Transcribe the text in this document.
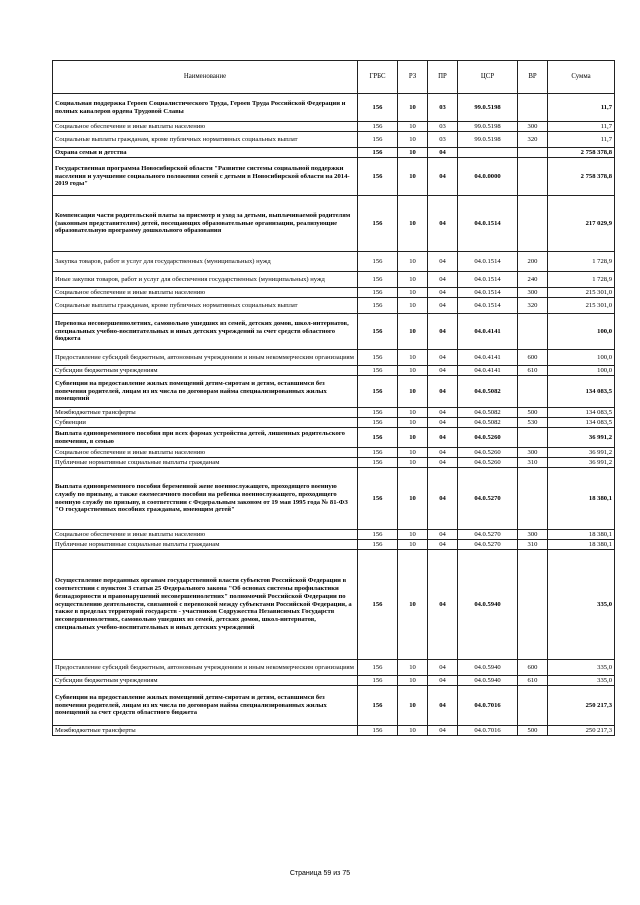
Наименование	ГРБС	РЗ	ПР	ЦСР	ВР	Сумма
Социальная поддержка Героев Социалистического Труда, Героев Труда Российской Федерации и полных кавалеров ордена Трудовой Славы	156	10	03	99.0.5198		11,7
Социальное обеспечение и иные выплаты населению	156	10	03	99.0.5198	300	11,7
Социальные выплаты гражданам, кроме публичных нормативных социальных выплат	156	10	03	99.0.5198	320	11,7
Охрана семьи и детства	156	10	04			2 758 378,8
Государственная программа Новосибирской области "Развитие системы социальной поддержки населения и улучшение социального положения семей с детьми в Новосибирской области на 2014-2019 годы"	156	10	04	04.0.0000		2 758 378,8
Компенсация части родительской платы за присмотр и уход за детьми, выплачиваемой родителям (законным представителям) детей, посещающих образовательные организации, реализующие образовательную программу дошкольного образования	156	10	04	04.0.1514		217 029,9
Закупка товаров, работ и услуг для государственных (муниципальных) нужд	156	10	04	04.0.1514	200	1 728,9
Иные закупки товаров, работ и услуг для обеспечения государственных (муниципальных) нужд	156	10	04	04.0.1514	240	1 728,9
Социальное обеспечение и иные выплаты населению	156	10	04	04.0.1514	300	215 301,0
Социальные выплаты гражданам, кроме публичных нормативных социальных выплат	156	10	04	04.0.1514	320	215 301,0
Перевозка несовершеннолетних, самовольно ушедших из семей, детских домов, школ-интернатов, специальных учебно-воспитательных и иных детских учреждений за счет средств областного бюджета	156	10	04	04.0.4141		100,0
Предоставление субсидий бюджетным, автономным учреждениям и иным некоммерческим организациям	156	10	04	04.0.4141	600	100,0
Субсидии бюджетным учреждениям	156	10	04	04.0.4141	610	100,0
Субвенции на предоставление жилых помещений детям-сиротам и детям, оставшимся без попечения родителей, лицам из их числа по договорам найма специализированных жилых помещений	156	10	04	04.0.5082		134 083,5
Межбюджетные трансферты	156	10	04	04.0.5082	500	134 083,5
Субвенции	156	10	04	04.0.5082	530	134 083,5
Выплата единовременного пособия при всех формах устройства детей, лишенных родительского попечения, в семью	156	10	04	04.0.5260		36 991,2
Социальное обеспечение и иные выплаты населению	156	10	04	04.0.5260	300	36 991,2
Публичные нормативные социальные выплаты гражданам	156	10	04	04.0.5260	310	36 991,2
Выплата единовременного пособия беременной жене военнослужащего, проходящего военную службу по призыву, а также ежемесячного пособия на ребенка военнослужащего, проходящего военную службу по призыву, в соответствии с Федеральным законом от 19 мая 1995 года № 81-ФЗ "О государственных пособиях гражданам, имеющим детей"	156	10	04	04.0.5270		18 380,1
Социальное обеспечение и иные выплаты населению	156	10	04	04.0.5270	300	18 380,1
Публичные нормативные социальные выплаты гражданам	156	10	04	04.0.5270	310	18 380,1
Осуществление переданных органам государственной власти субъектов Российской Федерации в соответствии с пунктом 3 статьи 25 Федерального закона "Об основах системы профилактики безнадзорности и правонарушений несовершеннолетних" полномочий Российской Федерации по осуществлению деятельности, связанной с перевозкой между субъектами Российской Федерации, а также в пределах территорий государств - участников Содружества Независимых Государств несовершеннолетних, самовольно ушедших из семей, детских домов, школ-интернатов, специальных учебно-воспитательных и иных детских учреждений	156	10	04	04.0.5940		335,0
Предоставление субсидий бюджетным, автономным учреждениям и иным некоммерческим организациям	156	10	04	04.0.5940	600	335,0
Субсидии бюджетным учреждениям	156	10	04	04.0.5940	610	335,0
Субвенции на предоставление жилых помещений детям-сиротам и детям, оставшимся без попечения родителей, лицам из их числа по договорам найма специализированных жилых помещений за счет средств областного бюджета	156	10	04	04.0.7016		250 217,3
Межбюджетные трансферты	156	10	04	04.0.7016	500	250 217,3
Страница 59 из 75
